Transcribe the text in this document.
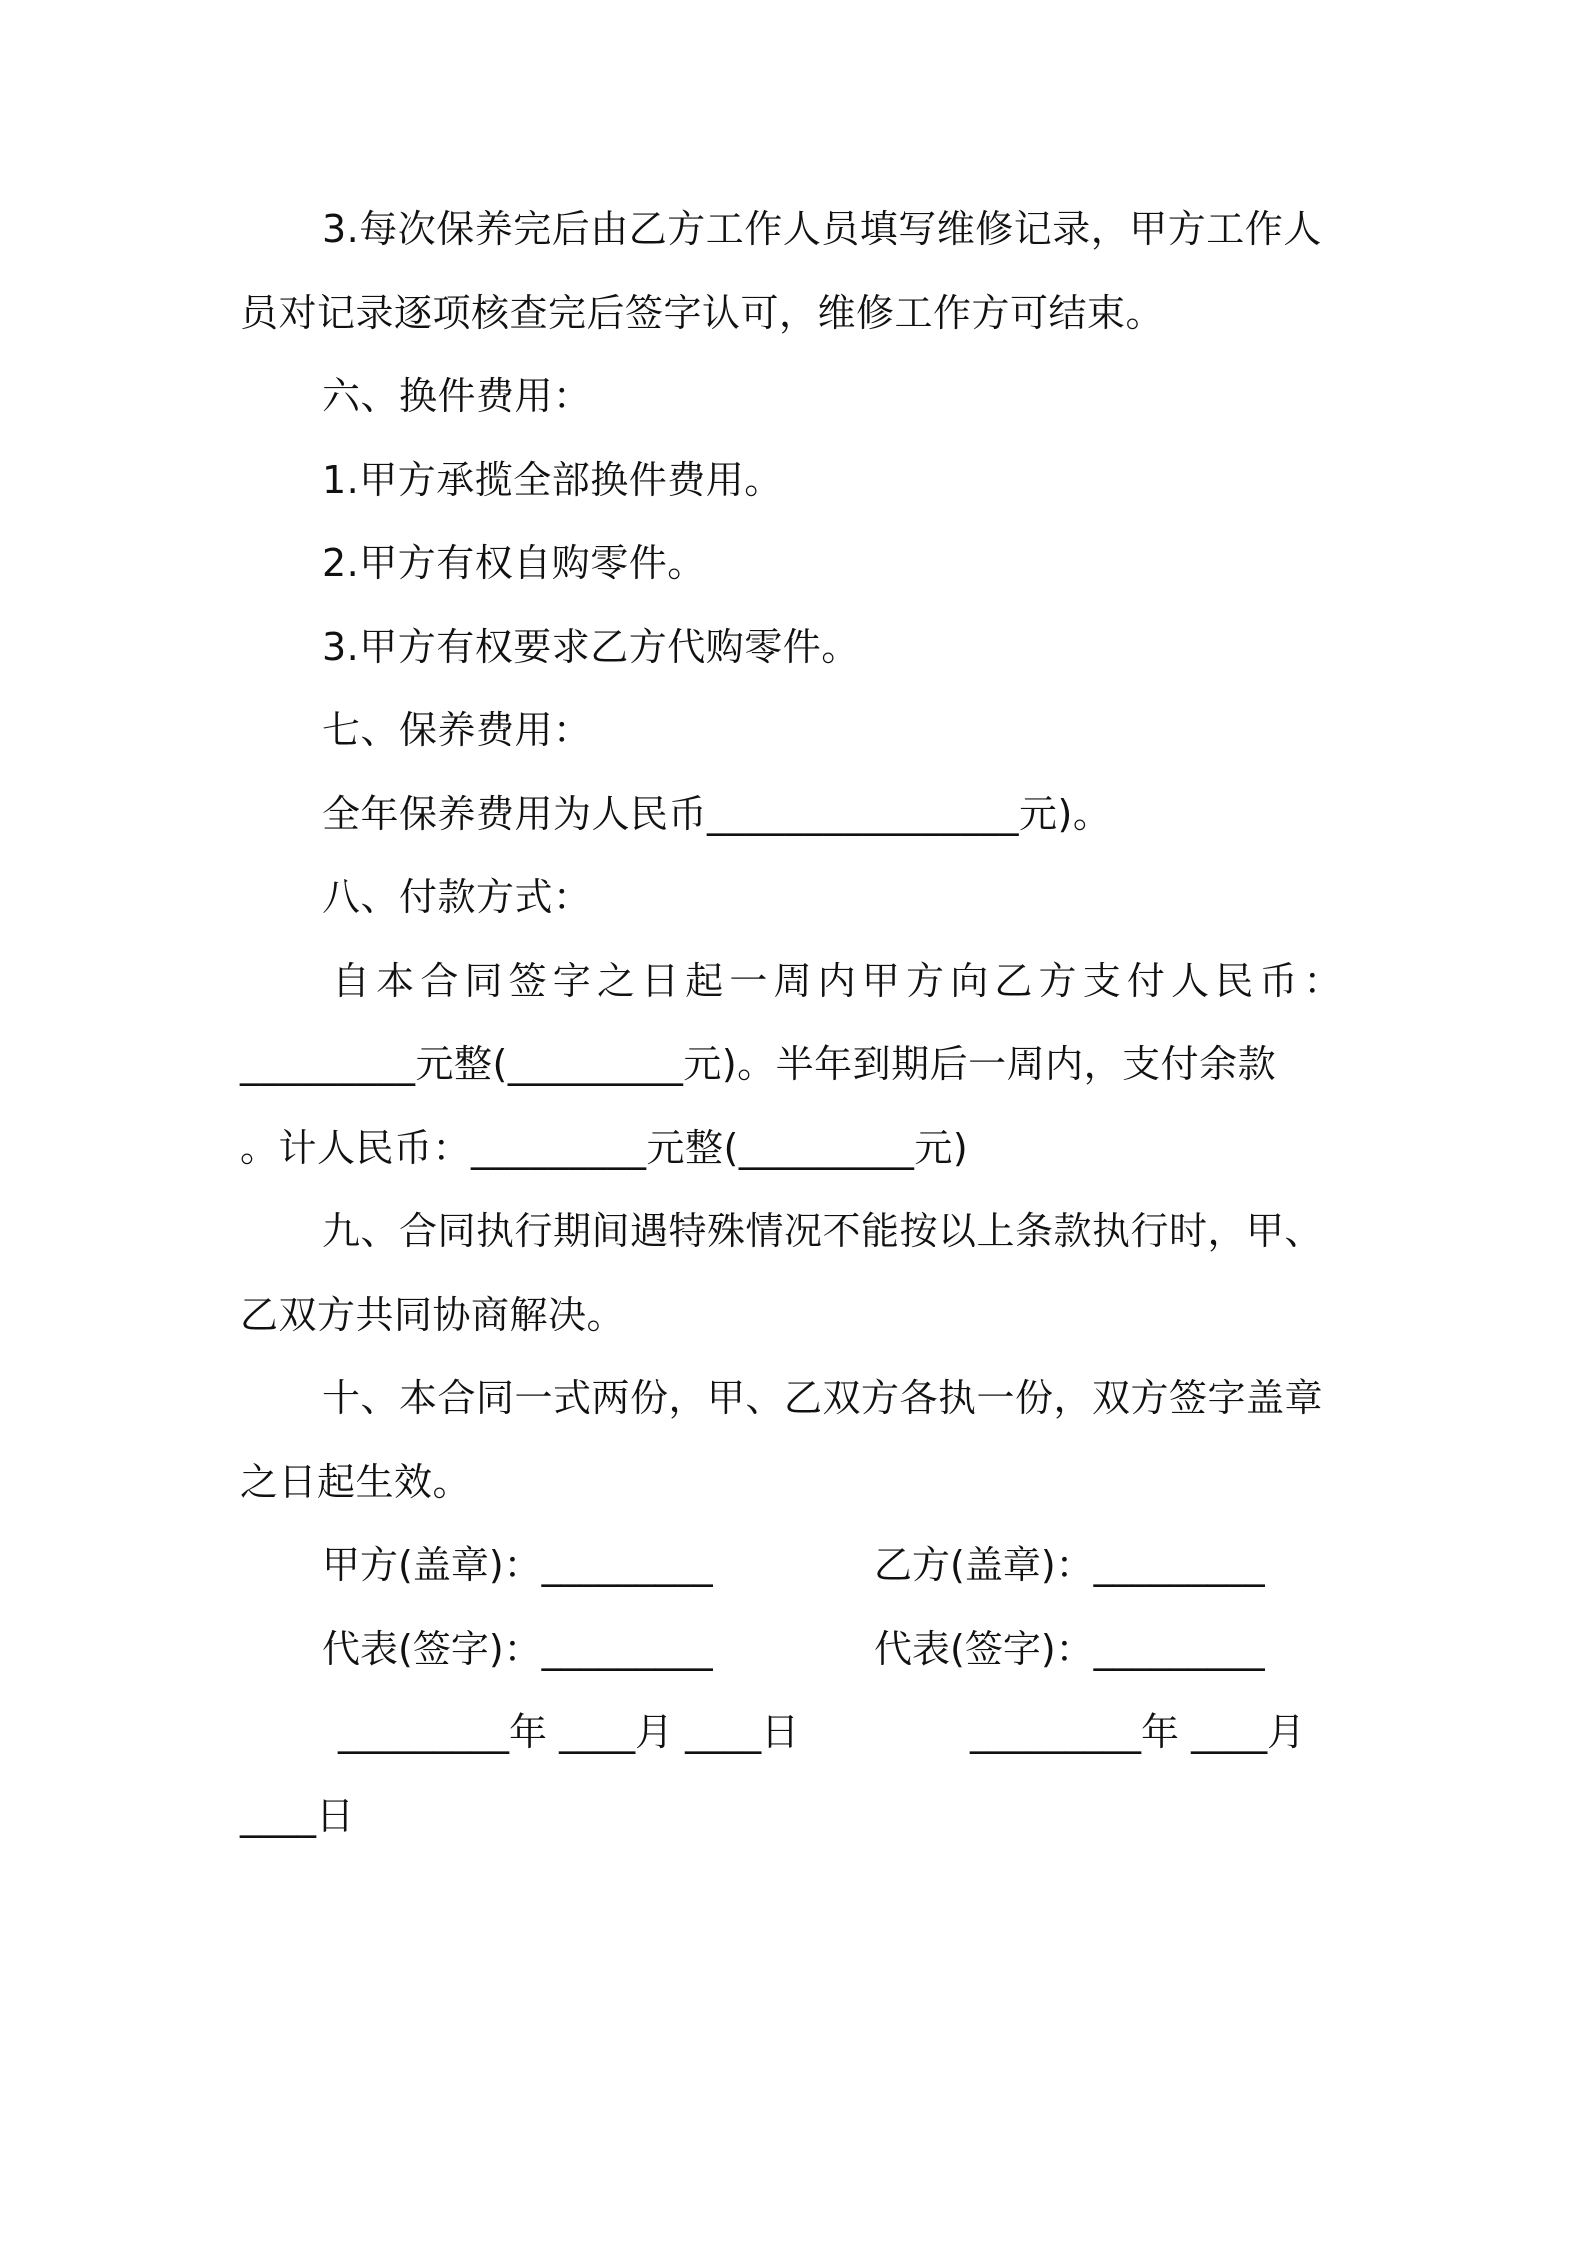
3.每次保养完后由乙方工作人员填写维修记录，甲方工作人
员对记录逐项核查完后签字认可，维修工作方可结束。
六、换件费用：
1.甲方承揽全部换件费用。
2.甲方有权自购零件。
3.甲方有权要求乙方代购零件。
七、保养费用：
全年保养费用为人民币________________元)。
八、付款方式：
自本合同签字之日起一周内甲方向乙方支付人民币：
_________元整(_________元)。半年到期后一周内，支付余款
。计人民币：_________元整(_________元)
九、合同执行期间遇特殊情况不能按以上条款执行时，甲、
乙双方共同协商解决。
十、本合同一式两份，甲、乙双方各执一份，双方签字盖章
之日起生效。
甲方(盖章)：_________	乙方(盖章)：_________
代表(签字)：_________	代表(签字)：_________
_________年 ____月 ____日	_________年 ____月
____日
